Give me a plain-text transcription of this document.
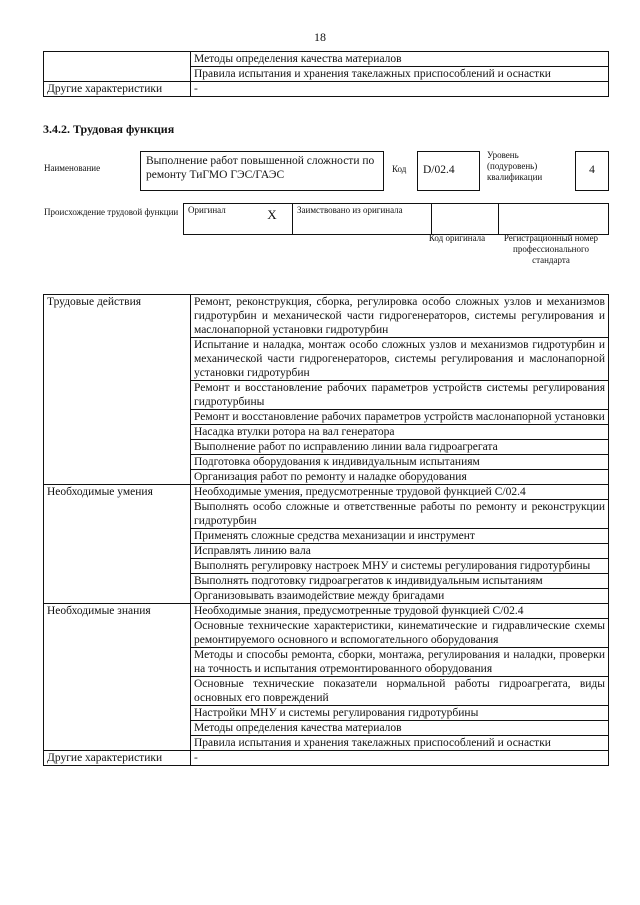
18
	Методы определения качества материалов
	Правила испытания и хранения такелажных приспособлений и оснастки
Другие характеристики	-
3.4.2. Трудовая функция
Наименование
Выполнение работ повышенной сложности по ремонту ТиГМО ГЭС/ГАЭС	Код	D/02.4
Уровень (подуровень) квалификации
4
Происхождение трудовой функции	Оригинал	X	Заимствовано из оригинала		
Код оригинала	Регистрационный номер профессионального стандарта
Трудовые действия	Ремонт, реконструкция, сборка, регулировка особо сложных узлов и механизмов гидротурбин и механической части гидрогенераторов, системы регулирования и маслонапорной установки гидротурбин
	Испытание и наладка, монтаж особо сложных узлов и механизмов гидротурбин и механической части гидрогенераторов, системы регулирования и маслонапорной установки гидротурбин
	Ремонт и восстановление рабочих параметров устройств системы регулирования гидротурбины
	Ремонт и восстановление рабочих параметров устройств маслонапорной установки
	Насадка втулки ротора на вал генератора
	Выполнение работ по исправлению линии вала гидроагрегата
	Подготовка оборудования к индивидуальным испытаниям
	Организация работ по ремонту и наладке оборудования
Необходимые умения	Необходимые умения, предусмотренные трудовой функцией C/02.4
	Выполнять особо сложные и ответственные работы по ремонту и реконструкции гидротурбин
	Применять сложные средства механизации и инструмент
	Исправлять линию вала
	Выполнять регулировку настроек МНУ и системы регулирования гидротурбины
	Выполнять подготовку гидроагрегатов к индивидуальным испытаниям
	Организовывать взаимодействие между бригадами
Необходимые знания	Необходимые знания, предусмотренные трудовой функцией C/02.4
	Основные технические характеристики, кинематические и гидравлические схемы ремонтируемого основного и вспомогательного оборудования
	Методы и способы ремонта, сборки, монтажа, регулирования и наладки, проверки на точность и испытания отремонтированного оборудования
	Основные технические показатели нормальной работы гидроагрегата, виды основных его повреждений
	Настройки МНУ и системы регулирования гидротурбины
	Методы определения качества материалов
	Правила испытания и хранения такелажных приспособлений и оснастки
Другие характеристики	-
